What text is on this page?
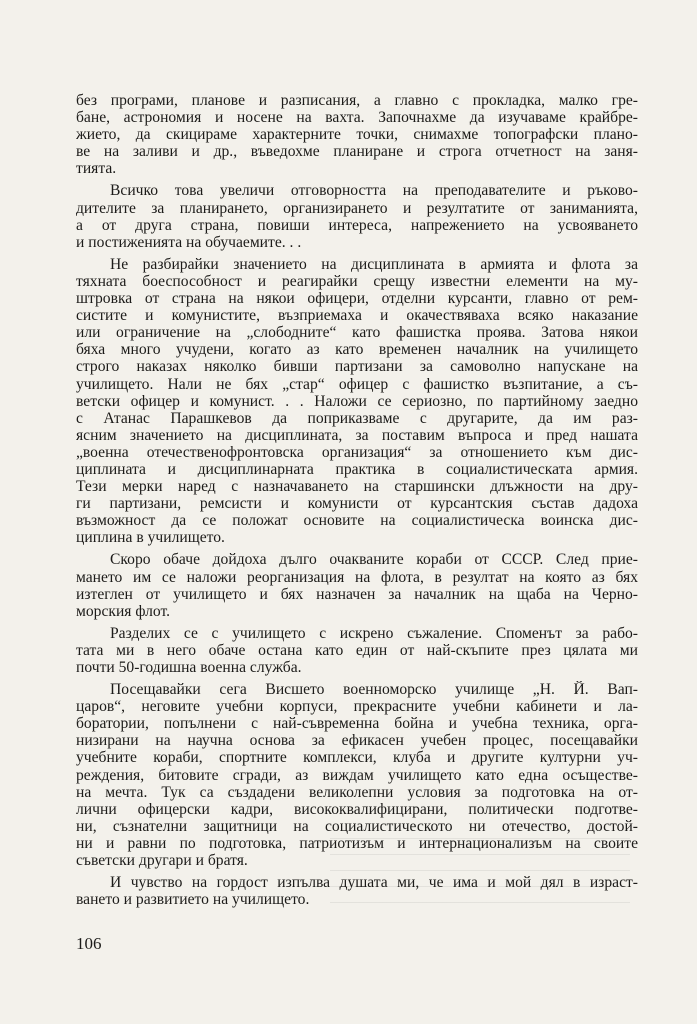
без програми, планове и разписания, а главно с прокладка, малко гре-
бане, астрономия и носене на вахта. Започнахме да изучаваме крайбре-
жието, да скицираме характерните точки, снимахме топографски плано-
ве на заливи и др., въведохме планиране и строга отчетност на заня-
тията.

Всичко това увеличи отговорността на преподавателите и ръково-
дителите за планирането, организирането и резултатите от заниманията,
а от друга страна, повиши интереса, напрежението на усвояването
и постиженията на обучаемите. . .

Не разбирайки значението на дисциплината в армията и флота за
тяхната боеспособност и реагирайки срещу известни елементи на му-
штровка от страна на някои офицери, отделни курсанти, главно от рем-
систите и комунистите, възприемаха и окачествяваха всяко наказание
или ограничение на „слободните“ като фашистка проява. Затова някои
бяха много учудени, когато аз като временен началник на училището
строго наказах няколко бивши партизани за самоволно напускане на
училището. Нали не бях „стар“ офицер с фашистко възпитание, а съ-
ветски офицер и комунист. . . Наложи се сериозно, по партийному заедно
с Атанас Парашкевов да поприказваме с другарите, да им раз-
ясним значението на дисциплината, за поставим въпроса и пред нашата
„военна отечественофронтовска организация“ за отношението към дис-
циплината и дисциплинарната практика в социалистическата армия.
Тези мерки наред с назначаването на старшински длъжности на дру-
ги партизани, ремсисти и комунисти от курсантския състав дадоха
възможност да се положат основите на социалистическа воинска дис-
циплина в училището.

Скоро обаче дойдоха дълго очакваните кораби от СССР. След прие-
мането им се наложи реорганизация на флота, в резултат на която аз бях
изтеглен от училището и бях назначен за началник на щаба на Черно-
морския флот.

Разделих се с училището с искрено съжаление. Споменът за рабо-
тата ми в него обаче остана като един от най-скъпите през цялата ми
почти 50-годишна военна служба.

Посещавайки сега Висшето военноморско училище „Н. Й. Вап-
царов“, неговите учебни корпуси, прекрасните учебни кабинети и ла-
боратории, попълнени с най-съвременна бойна и учебна техника, орга-
низирани на научна основа за ефикасен учебен процес, посещавайки
учебните кораби, спортните комплекси, клуба и другите културни уч-
реждения, битовите сгради, аз виждам училището като една осъществе-
на мечта. Тук са създадени великолепни условия за подготовка на от-
лични офицерски кадри, висококвалифицирани, политически подготве-
ни, съзнателни защитници на социалистическото ни отечество, достой-
ни и равни по подготовка, патриотизъм и интернационализъм на своите
съветски другари и братя.

И чувство на гордост изпълва душата ми, че има и мой дял в израст-
ването и развитието на училището.

106
